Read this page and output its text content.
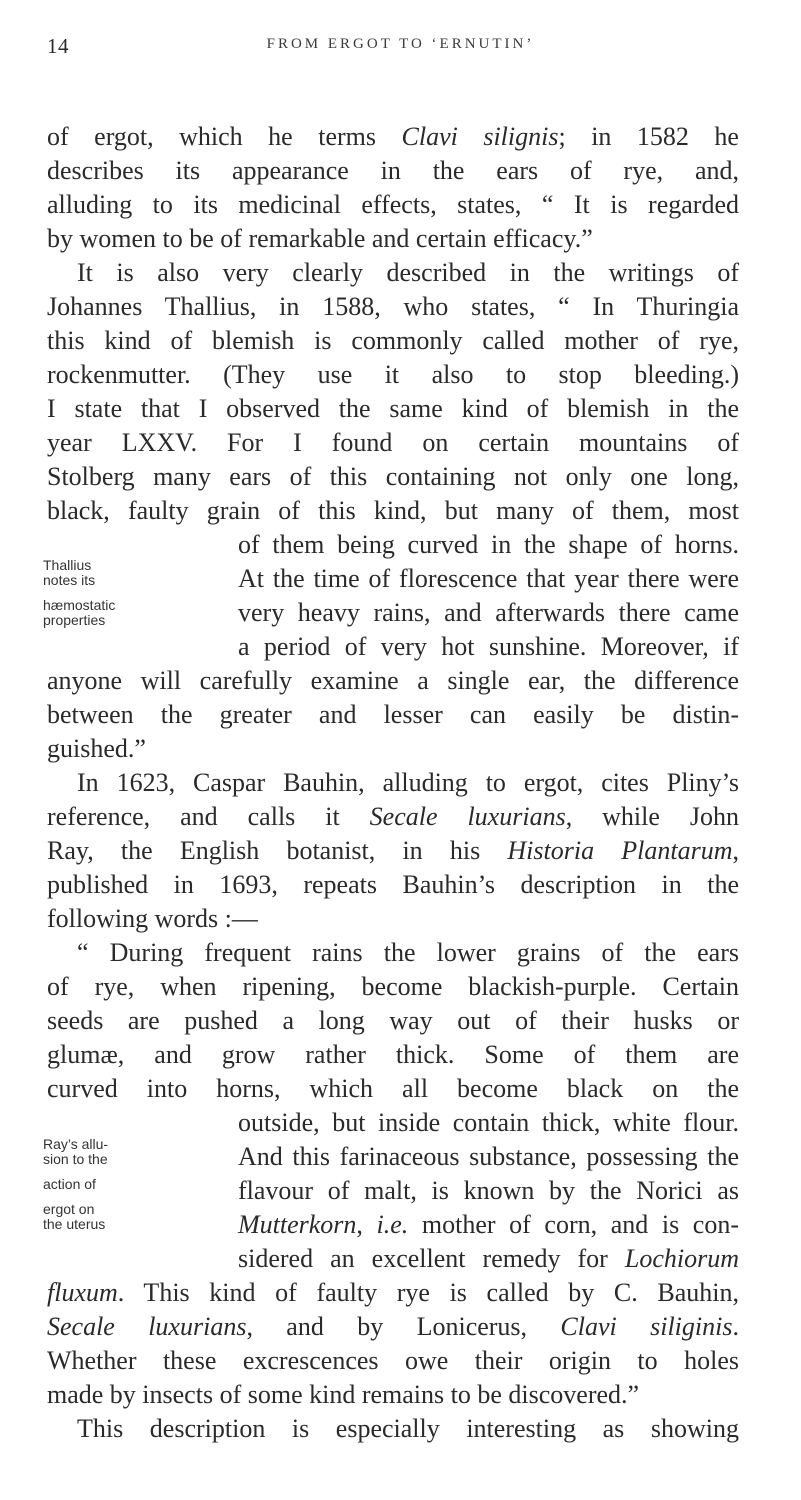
14	FROM ERGOT TO ‘ERNUTIN’
of ergot, which he terms Clavi silignis; in 1582 he
describes its appearance in the ears of rye, and,
alluding to its medicinal effects, states, “ It is regarded
by women to be of remarkable and certain efficacy.”
It is also very clearly described in the writings of
Johannes Thallius, in 1588, who states, “ In Thuringia
this kind of blemish is commonly called mother of rye,
rockenmutter. (They use it also to stop bleeding.)
I state that I observed the same kind of blemish in the
year LXXV. For I found on certain mountains of
Stolberg many ears of this containing not only one long,
black, faulty grain of this kind, but many of them, most
of them being curved in the shape of horns.
At the time of florescence that year there were
very heavy rains, and afterwards there came
a period of very hot sunshine. Moreover, if
anyone will carefully examine a single ear, the difference
between the greater and lesser can easily be distin-
guished.”
In 1623, Caspar Bauhin, alluding to ergot, cites Pliny’s
reference, and calls it Secale luxurians, while John
Ray, the English botanist, in his Historia Plantarum,
published in 1693, repeats Bauhin’s description in the
following words :—
“ During frequent rains the lower grains of the ears
of rye, when ripening, become blackish-purple. Certain
seeds are pushed a long way out of their husks or
glumæ, and grow rather thick. Some of them are
curved into horns, which all become black on the
outside, but inside contain thick, white flour.
And this farinaceous substance, possessing the
flavour of malt, is known by the Norici as
Mutterkorn, i.e. mother of corn, and is con-
sidered an excellent remedy for Lochiorum
fluxum. This kind of faulty rye is called by C. Bauhin,
Secale luxurians, and by Lonicerus, Clavi siliginis.
Whether these excrescences owe their origin to holes
made by insects of some kind remains to be discovered.”
This description is especially interesting as showing
Thallius
notes its
hæmostatic
properties
Ray’s allu-
sion to the
action of
ergot on
the uterus
